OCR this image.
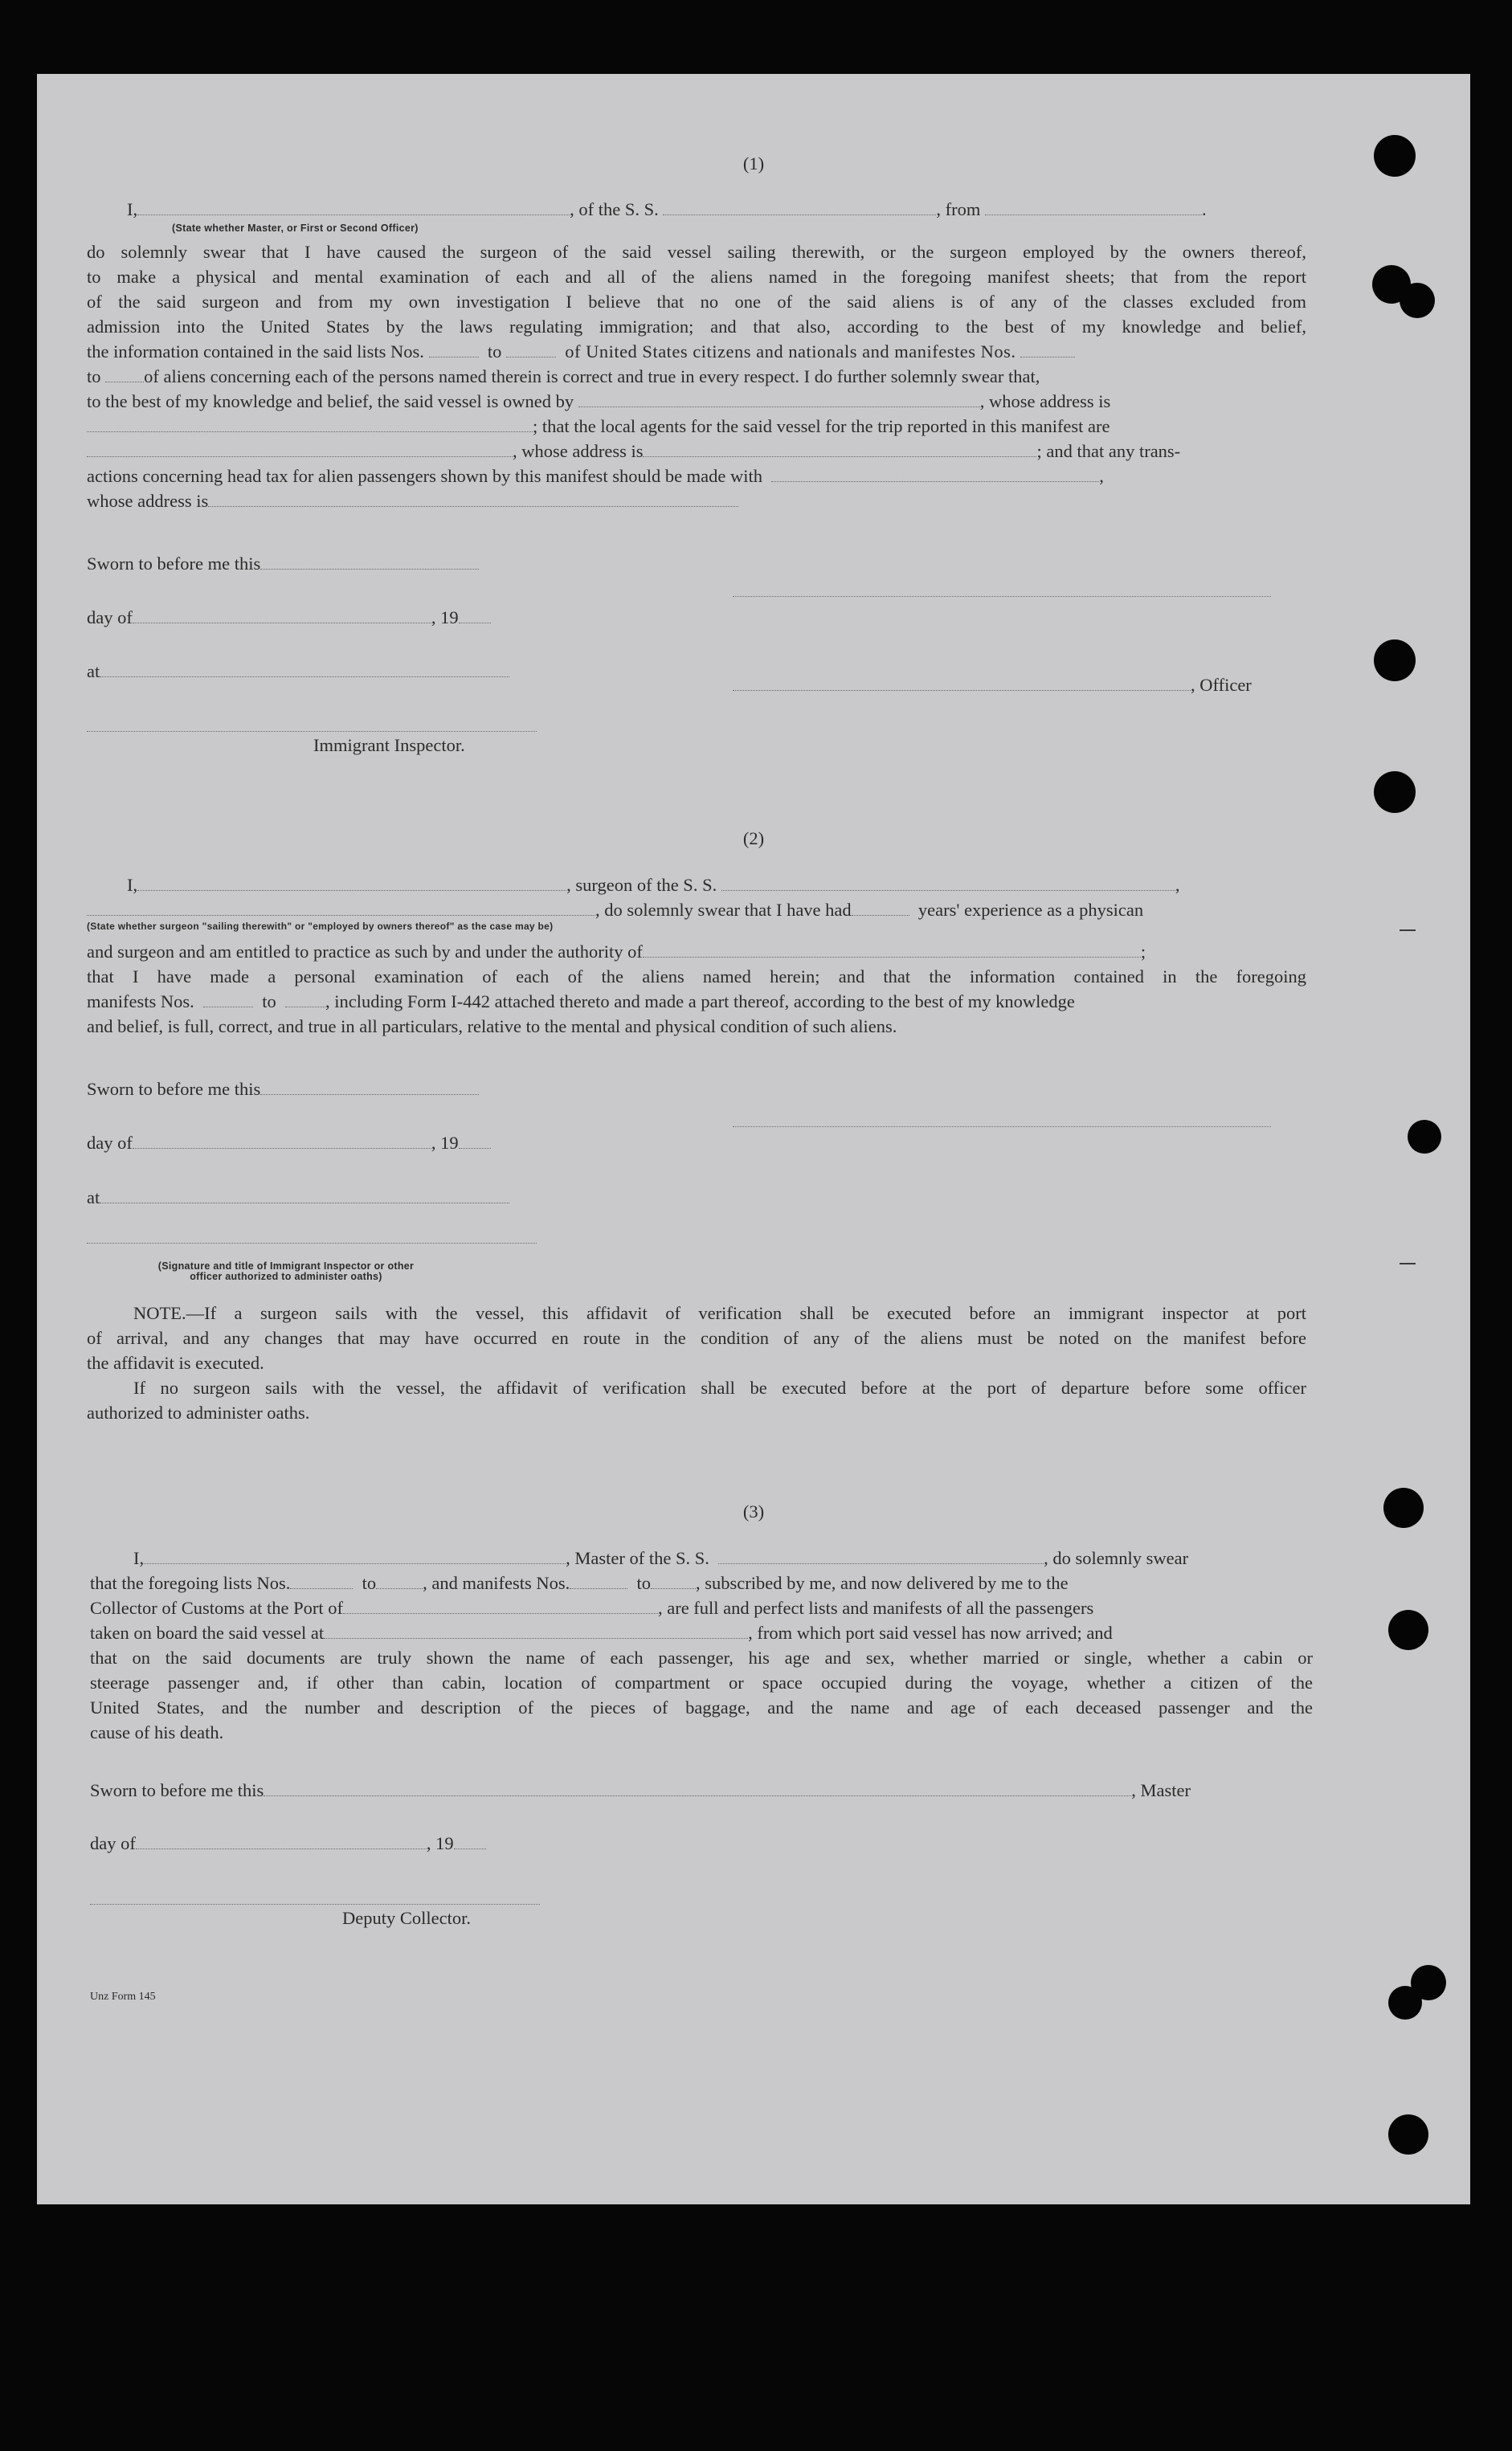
(1)
I,	, of the S. S.	, from	.
(State whether Master, or First or Second Officer)
do solemnly swear that I have caused the surgeon of the said vessel sailing therewith, or the surgeon employed by the owners thereof,
to make a physical and mental examination of each and all of the aliens named in the foregoing manifest sheets; that from the report
of the said surgeon and from my own investigation I believe that no one of the said aliens is of any of the classes excluded from
admission into the United States by the laws regulating immigration; and that also, according to the best of my knowledge and belief,
the information contained in the said lists Nos.	to	of United States citizens and nationals and manifestes Nos.
to of aliens concerning each of the persons named therein is correct and true in every respect. I do further solemnly swear that,
to the best of my knowledge and belief, the said vessel is owned by	, whose address is
; that the local agents for the said vessel for the trip reported in this manifest are
, whose address is	; and that any trans-
actions concerning head tax for alien passengers shown by this manifest should be made with	,
whose address is
Sworn to before me this
day of	, 19
at
, Officer
Immigrant Inspector.
(2)
I,	, surgeon of the S. S.	,
, do solemnly swear that I have had	years' experience as a physican
(State whether surgeon "sailing therewith" or "employed by owners thereof" as the case may be)
and surgeon and am entitled to practice as such by and under the authority of	;
that I have made a personal examination of each of the aliens named herein; and that the information contained in the foregoing
manifests Nos.	to	, including Form I-442 attached thereto and made a part thereof, according to the best of my knowledge
and belief, is full, correct, and true in all particulars, relative to the mental and physical condition of such aliens.
Sworn to before me this
day of	, 19
at
(Signature and title of Immigrant Inspector or other
officer authorized to administer oaths)
NOTE.—If a surgeon sails with the vessel, this affidavit of verification shall be executed before an immigrant inspector at port
of arrival, and any changes that may have occurred en route in the condition of any of the aliens must be noted on the manifest before
the affidavit is executed.
If no surgeon sails with the vessel, the affidavit of verification shall be executed before at the port of departure before some officer
authorized to administer oaths.
(3)
I,	, Master of the S. S.	, do solemnly swear
that the foregoing lists Nos.	to	, and manifests Nos.	to , subscribed by me, and now delivered by me to the
Collector of Customs at the Port of	, are full and perfect lists and manifests of all the passengers
taken on board the said vessel at	, from which port said vessel has now arrived; and
that on the said documents are truly shown the name of each passenger, his age and sex, whether married or single, whether a cabin or
steerage passenger and, if other than cabin, location of compartment or space occupied during the voyage, whether a citizen of the
United States, and the number and description of the pieces of baggage, and the name and age of each deceased passenger and the
cause of his death.
Sworn to before me this	, Master
day of	, 19
Deputy Collector.
Unz Form 145
